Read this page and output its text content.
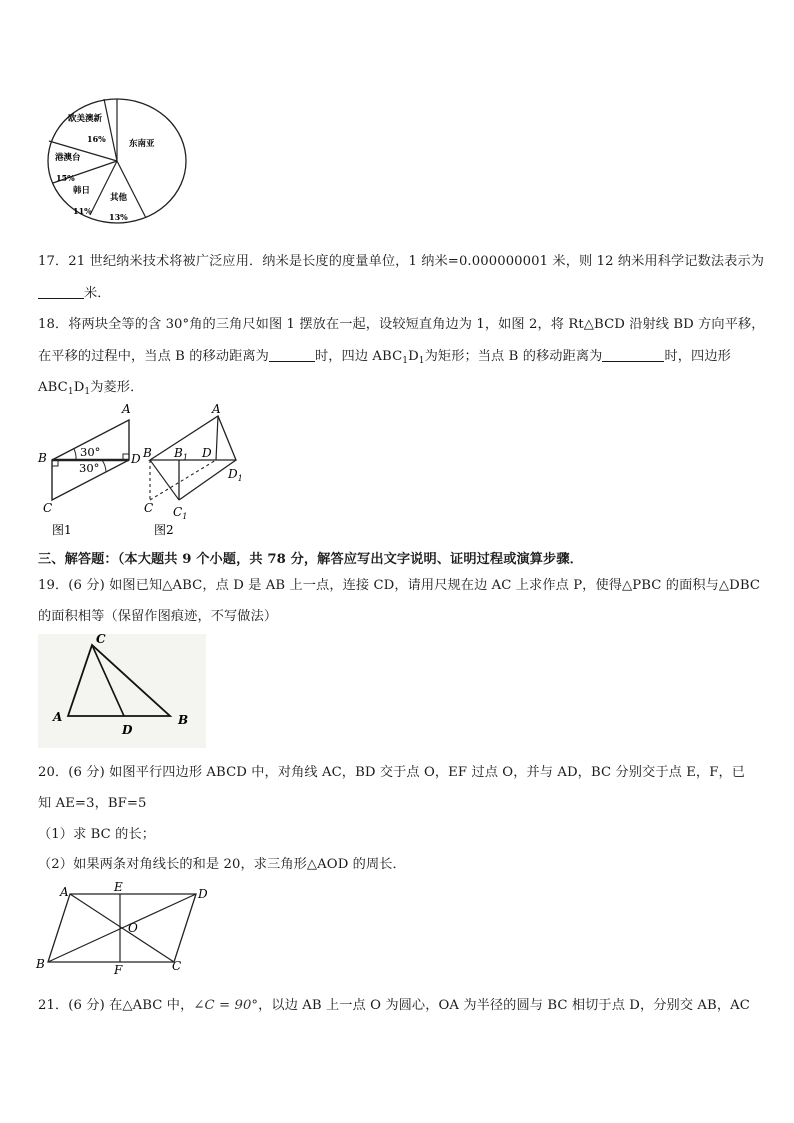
欧美澳新
16%
港澳台
15%
韩日
11%
其他
13%
东南亚
17．21 世纪纳米技术将被广泛应用．纳米是长度的度量单位，1 纳米=0.000000001 米，则 12 纳米用科学记数法表示为
米．
18．将两块全等的含 30°角的三角尺如图 1 摆放在一起，设较短直角边为 1，如图 2，将 Rt△BCD 沿射线 BD 方向平移，
在平移的过程中，当点 B 的移动距离为	时，四边 $ABC_1D_1$为矩形；当点 B 的移动距离为	时，四边形
$ABC_1D_1$为菱形．
A
B
C
D
30°
30°
图1
A
B $B_1$ D
$D_1$
C $C_1$
图2
三、解答题：（本大题共 9 个小题，共 78 分，解答应写出文字说明、证明过程或演算步骤．
19．(6 分) 如图已知△ABC，点 D 是 AB 上一点，连接 CD，请用尺规在边 AC 上求作点 P，使得△PBC 的面积与△DBC
的面积相等（保留作图痕迹，不写做法）
C
A
D
B
20．(6 分) 如图平行四边形 ABCD 中，对角线 AC，BD 交于点 O，EF 过点 O，并与 AD，BC 分别交于点 E，F，已
知 AE=3，BF=5
（1）求 BC 的长；
（2）如果两条对角线长的和是 20，求三角形△AOD 的周长．
A	E	D
O
B	F	C
21．(6 分) 在△ABC 中，∠C = 90°，以边 AB 上一点 O 为圆心，OA 为半径的圆与 BC 相切于点 D，分别交 AB，AC
